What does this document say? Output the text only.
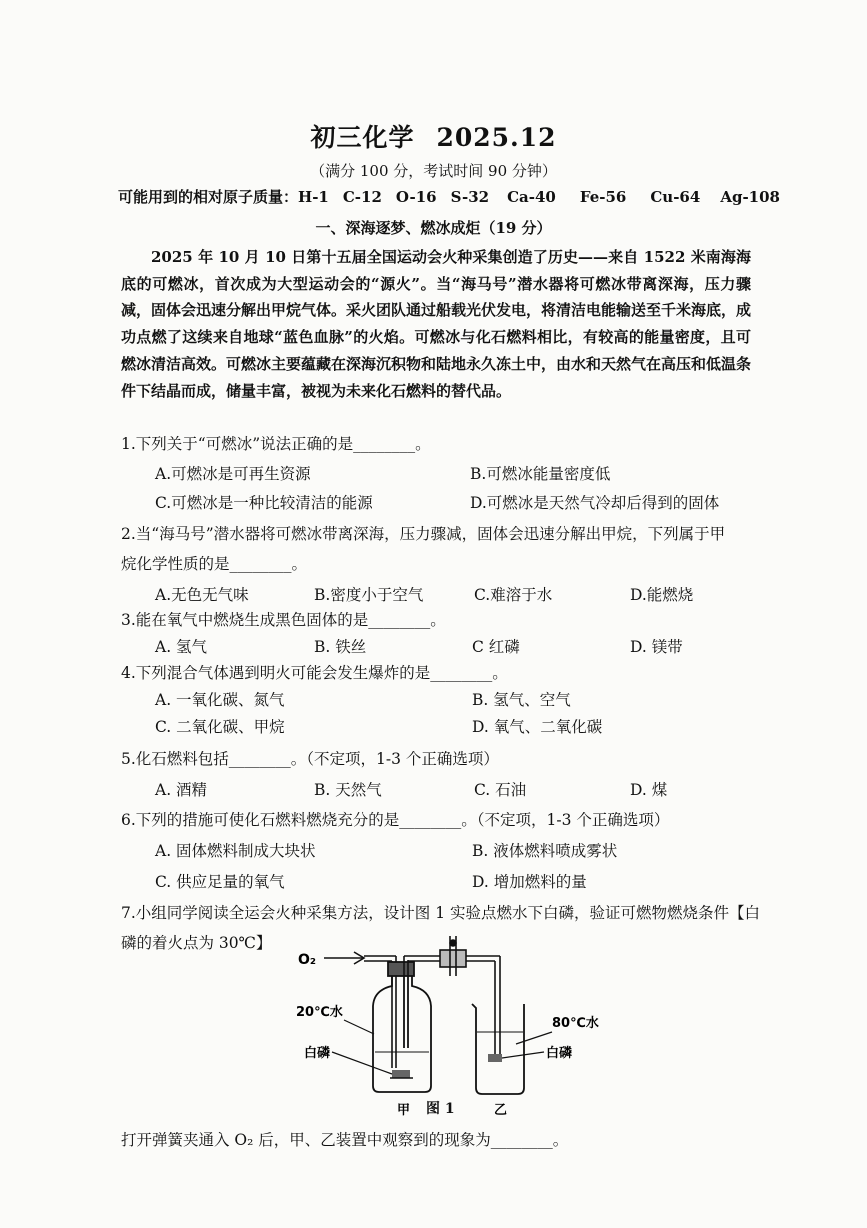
初三化学 2025.12
（满分 100 分，考试时间 90 分钟）
可能用到的相对原子质量：H-1 C-12 O-16 S-32 Ca-40 Fe-56 Cu-64 Ag-108
一、深海逐梦、燃冰成炬（19 分）

2025 年 10 月 10 日第十五届全国运动会火种采集创造了历史——来自 1522 米南海海底的可燃冰，首次成为大型运动会的“源火”。当“海马号”潜水器将可燃冰带离深海，压力骤减，固体会迅速分解出甲烷气体。采火团队通过船载光伏发电，将清洁电能输送至千米海底，成功点燃了这续来自地球“蓝色血脉”的火焰。可燃冰与化石燃料相比，有较高的能量密度，且可燃冰清洁高效。可燃冰主要蕴藏在深海沉积物和陆地永久冻土中，由水和天然气在高压和低温条件下结晶而成，储量丰富，被视为未来化石燃料的替代品。

1.下列关于“可燃冰”说法正确的是________。
A.可燃冰是可再生资源	B.可燃冰能量密度低
C.可燃冰是一种比较清洁的能源	D.可燃冰是天然气冷却后得到的固体
2.当“海马号”潜水器将可燃冰带离深海，压力骤减，固体会迅速分解出甲烷，下列属于甲
烷化学性质的是________。
A.无色无气味	B.密度小于空气	C.难溶于水	D.能燃烧
3.能在氧气中燃烧生成黑色固体的是________。
A. 氢气	B. 铁丝	C 红磷	D. 镁带
4.下列混合气体遇到明火可能会发生爆炸的是________。
A. 一氧化碳、氮气	B. 氢气、空气
C. 二氧化碳、甲烷	D. 氧气、二氧化碳
5.化石燃料包括________。（不定项，1-3 个正确选项）
A. 酒精	B. 天然气	C. 石油	D. 煤
6.下列的措施可使化石燃料燃烧充分的是________。（不定项，1-3 个正确选项）
A. 固体燃料制成大块状	B. 液体燃料喷成雾状
C. 供应足量的氧气	D. 增加燃料的量
7.小组同学阅读全运会火种采集方法，设计图 1 实验点燃水下白磷，验证可燃物燃烧条件【白
磷的着火点为 30℃】
O₂
20℃水
白磷
80℃水
白磷
甲	乙
图 1
打开弹簧夹通入 O₂ 后，甲、乙装置中观察到的现象为________。
